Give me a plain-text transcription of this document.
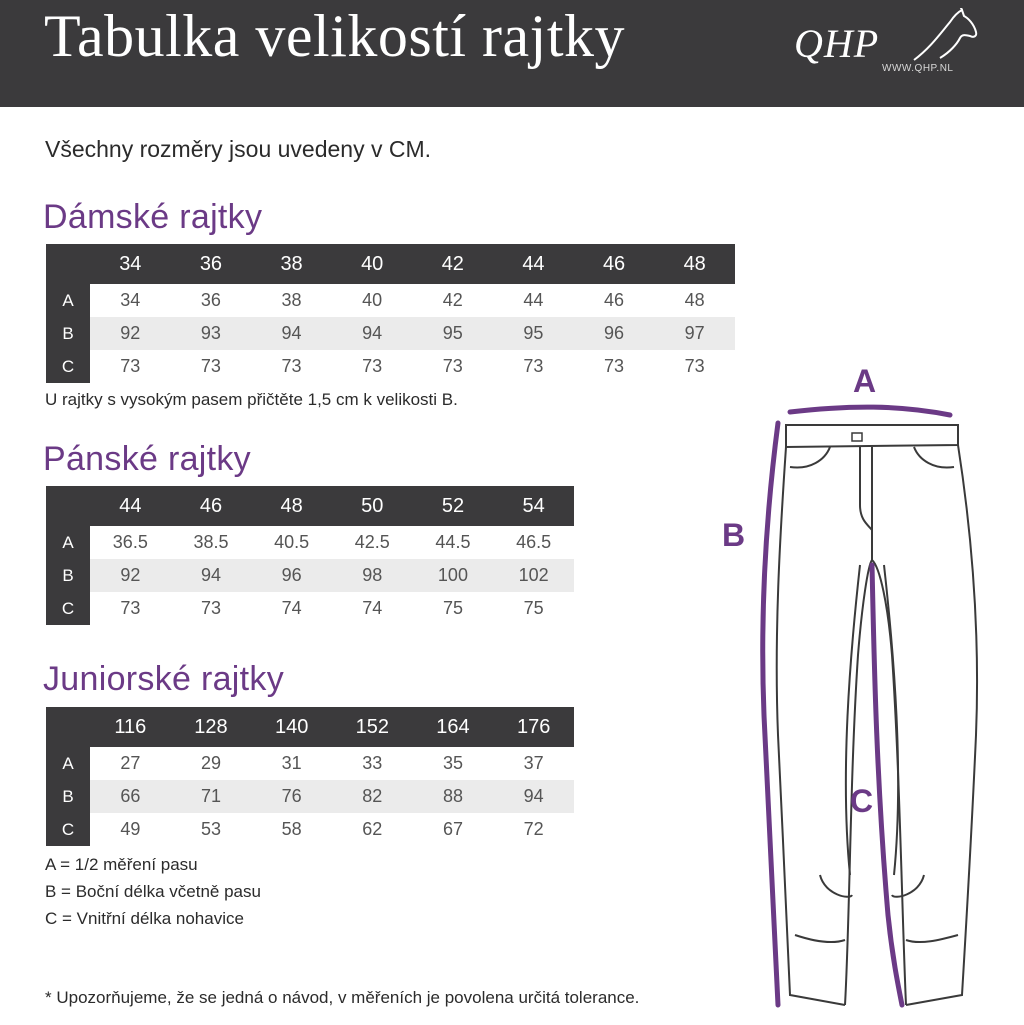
Tabulka velikostí rajtky	QHP
WWW.QHP.NL
Všechny rozměry jsou uvedeny v CM.
Dámské rajtky
	34	36	38	40	42	44	46	48
A	34	36	38	40	42	44	46	48
B	92	93	94	94	95	95	96	97
C	73	73	73	73	73	73	73	73
U rajtky s vysokým pasem přičtěte 1,5 cm k velikosti B.
Pánské rajtky
	44	46	48	50	52	54
A	36.5	38.5	40.5	42.5	44.5	46.5
B	92	94	96	98	100	102
C	73	73	74	74	75	75
Juniorské rajtky
	116	128	140	152	164	176
A	27	29	31	33	35	37
B	66	71	76	82	88	94
C	49	53	58	62	67	72
A = 1/2 měření pasu
B = Boční délka včetně pasu
C = Vnitřní délka nohavice
* Upozorňujeme, že se jedná o návod, v měřeních je povolena určitá tolerance.
A
B
C
